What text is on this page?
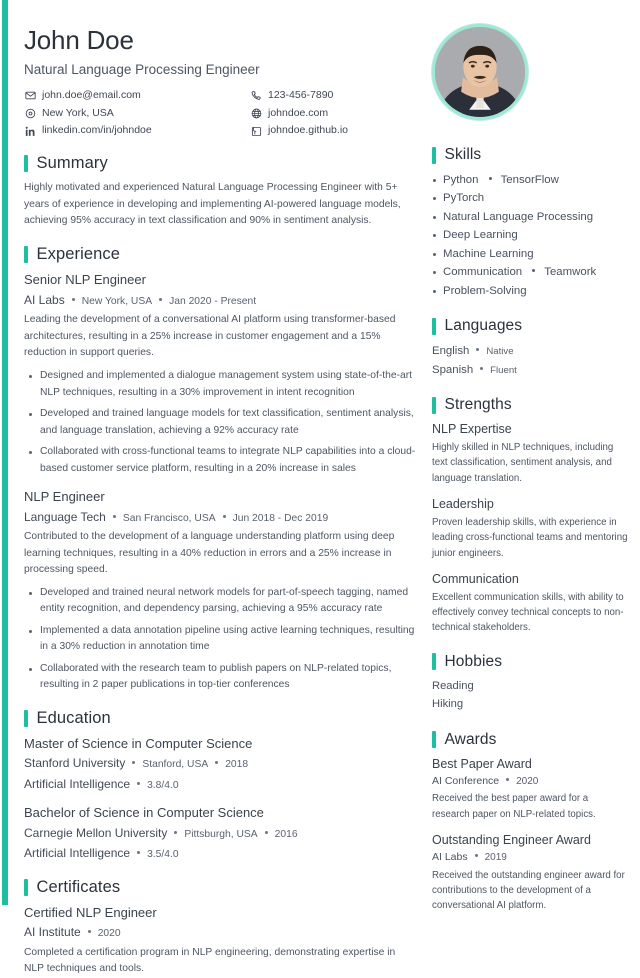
John Doe
Natural Language Processing Engineer
john.doe@email.com	123-456-7890
New York, USA	johndoe.com
linkedin.com/in/johndoe	johndoe.github.io
Summary
Highly motivated and experienced Natural Language Processing Engineer with 5+ years of experience in developing and implementing AI-powered language models, achieving 95% accuracy in text classification and 90% in sentiment analysis.
Experience
Senior NLP Engineer
AI Labs New York, USA Jan 2020 - Present
Leading the development of a conversational AI platform using transformer-based architectures, resulting in a 25% increase in customer engagement and a 15% reduction in support queries.
Designed and implemented a dialogue management system using state-of-the-art NLP techniques, resulting in a 30% improvement in intent recognition
Developed and trained language models for text classification, sentiment analysis, and language translation, achieving a 92% accuracy rate
Collaborated with cross-functional teams to integrate NLP capabilities into a cloud-based customer service platform, resulting in a 20% increase in sales
NLP Engineer
Language Tech San Francisco, USA Jun 2018 - Dec 2019
Contributed to the development of a language understanding platform using deep learning techniques, resulting in a 40% reduction in errors and a 25% increase in processing speed.
Developed and trained neural network models for part-of-speech tagging, named entity recognition, and dependency parsing, achieving a 95% accuracy rate
Implemented a data annotation pipeline using active learning techniques, resulting in a 30% reduction in annotation time
Collaborated with the research team to publish papers on NLP-related topics, resulting in 2 paper publications in top-tier conferences
Education
Master of Science in Computer Science
Stanford University Stanford, USA 2018
Artificial Intelligence 3.8/4.0
Bachelor of Science in Computer Science
Carnegie Mellon University Pittsburgh, USA 2016
Artificial Intelligence 3.5/4.0
Certificates
Certified NLP Engineer
AI Institute 2020
Completed a certification program in NLP engineering, demonstrating expertise in NLP techniques and tools.
Skills
Python TensorFlow
PyTorch
Natural Language Processing
Deep Learning
Machine Learning
Communication Teamwork
Problem-Solving
Languages
English Native
Spanish Fluent
Strengths
NLP Expertise
Highly skilled in NLP techniques, including text classification, sentiment analysis, and language translation.
Leadership
Proven leadership skills, with experience in leading cross-functional teams and mentoring junior engineers.
Communication
Excellent communication skills, with ability to effectively convey technical concepts to non-technical stakeholders.
Hobbies
Reading
Hiking
Awards
Best Paper Award
AI Conference 2020
Received the best paper award for a research paper on NLP-related topics.
Outstanding Engineer Award
AI Labs 2019
Received the outstanding engineer award for contributions to the development of a conversational AI platform.
